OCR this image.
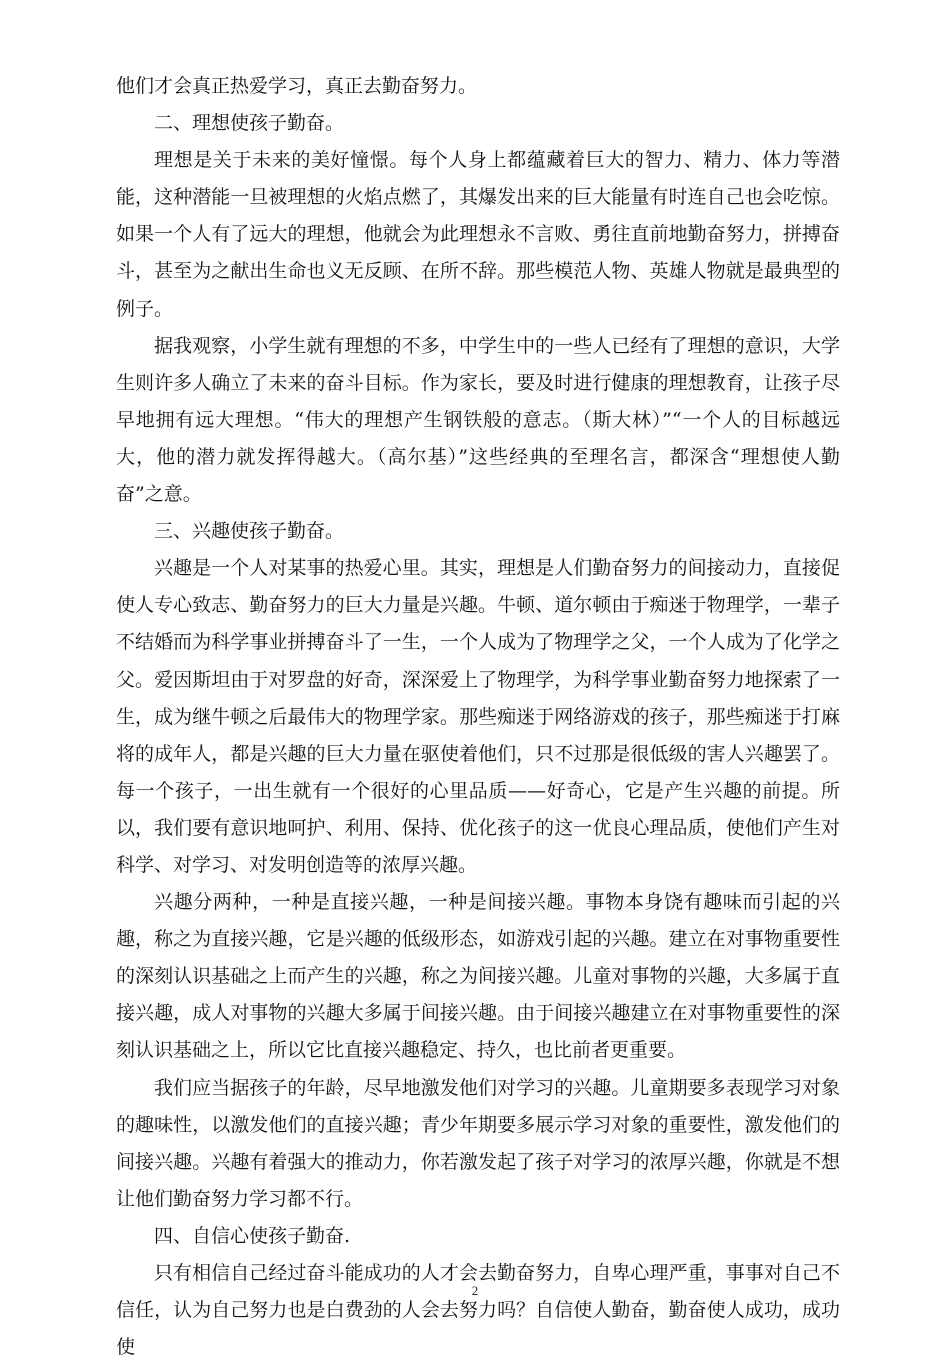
他们才会真正热爱学习，真正去勤奋努力。

二、理想使孩子勤奋。

理想是关于未来的美好憧憬。每个人身上都蕴藏着巨大的智力、精力、体力等潜能，这种潜能一旦被理想的火焰点燃了，其爆发出来的巨大能量有时连自己也会吃惊。如果一个人有了远大的理想，他就会为此理想永不言败、勇往直前地勤奋努力，拼搏奋斗，甚至为之献出生命也义无反顾、在所不辞。那些模范人物、英雄人物就是最典型的例子。

据我观察，小学生就有理想的不多，中学生中的一些人已经有了理想的意识，大学生则许多人确立了未来的奋斗目标。作为家长，要及时进行健康的理想教育，让孩子尽早地拥有远大理想。“伟大的理想产生钢铁般的意志。（斯大林）”“一个人的目标越远大，他的潜力就发挥得越大。（高尔基）”这些经典的至理名言，都深含“理想使人勤奋”之意。

三、兴趣使孩子勤奋。

兴趣是一个人对某事的热爱心里。其实，理想是人们勤奋努力的间接动力，直接促使人专心致志、勤奋努力的巨大力量是兴趣。牛顿、道尔顿由于痴迷于物理学，一辈子不结婚而为科学事业拼搏奋斗了一生，一个人成为了物理学之父，一个人成为了化学之父。爱因斯坦由于对罗盘的好奇，深深爱上了物理学，为科学事业勤奋努力地探索了一生，成为继牛顿之后最伟大的物理学家。那些痴迷于网络游戏的孩子，那些痴迷于打麻将的成年人，都是兴趣的巨大力量在驱使着他们，只不过那是很低级的害人兴趣罢了。每一个孩子，一出生就有一个很好的心里品质——好奇心，它是产生兴趣的前提。所以，我们要有意识地呵护、利用、保持、优化孩子的这一优良心理品质，使他们产生对科学、对学习、对发明创造等的浓厚兴趣。

兴趣分两种，一种是直接兴趣，一种是间接兴趣。事物本身饶有趣味而引起的兴趣，称之为直接兴趣，它是兴趣的低级形态，如游戏引起的兴趣。建立在对事物重要性的深刻认识基础之上而产生的兴趣，称之为间接兴趣。儿童对事物的兴趣，大多属于直接兴趣，成人对事物的兴趣大多属于间接兴趣。由于间接兴趣建立在对事物重要性的深刻认识基础之上，所以它比直接兴趣稳定、持久，也比前者更重要。

我们应当据孩子的年龄，尽早地激发他们对学习的兴趣。儿童期要多表现学习对象的趣味性，以激发他们的直接兴趣；青少年期要多展示学习对象的重要性，激发他们的间接兴趣。兴趣有着强大的推动力，你若激发起了孩子对学习的浓厚兴趣，你就是不想让他们勤奋努力学习都不行。

四、自信心使孩子勤奋.

只有相信自己经过奋斗能成功的人才会去勤奋努力，自卑心理严重，事事对自己不信任，认为自己努力也是白费劲的人会去努力吗？自信使人勤奋，勤奋使人成功，成功使

2
